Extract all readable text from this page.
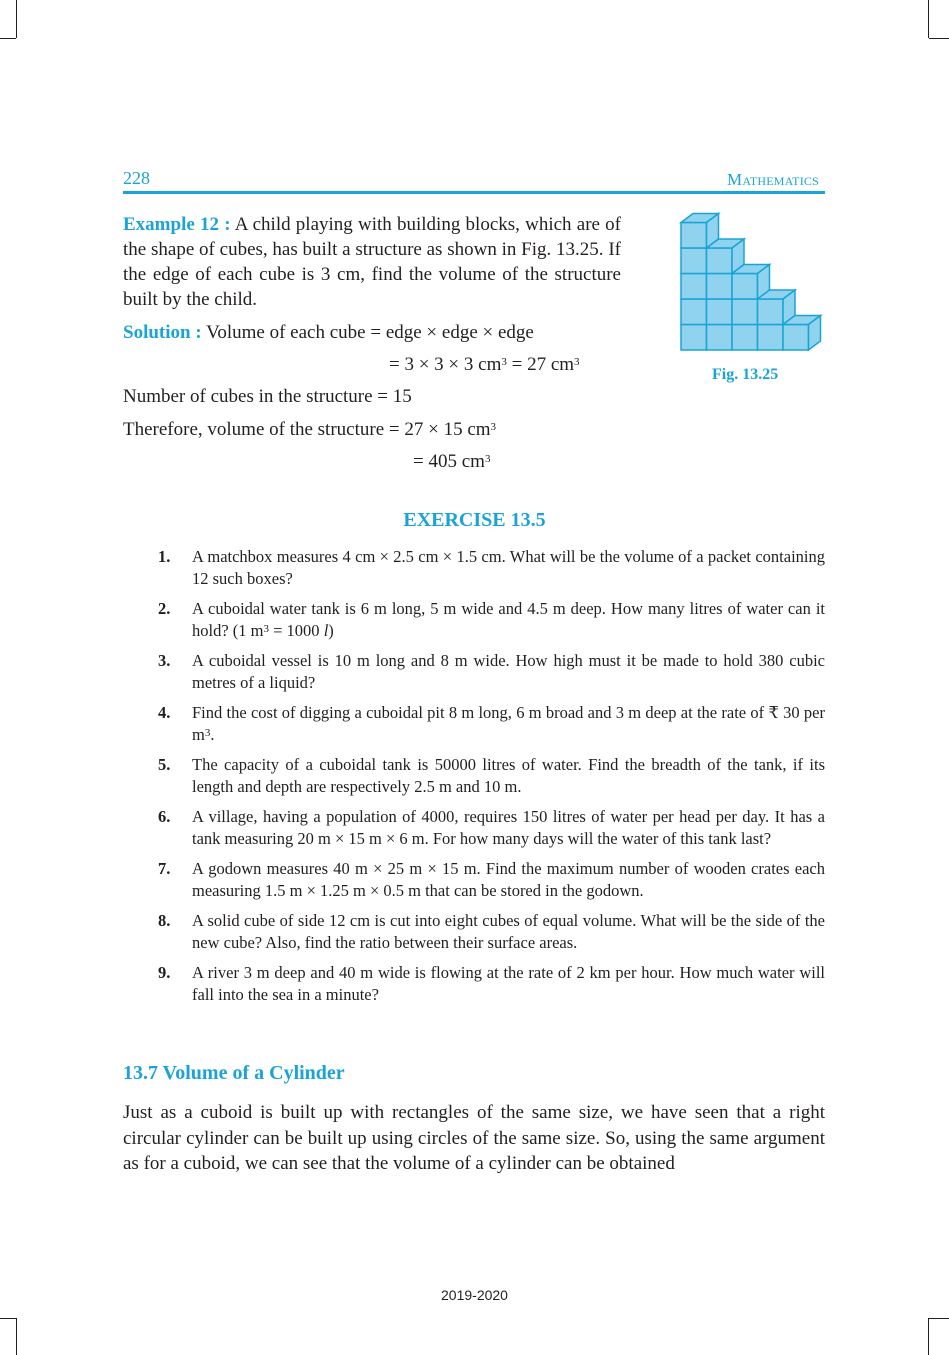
228	Mathematics
Example 12 : A child playing with building blocks, which are of the shape of cubes, has built a structure as shown in Fig. 13.25. If the edge of each cube is 3 cm, find the volume of the structure built by the child.
Solution : Volume of each cube = edge × edge × edge
= 3 × 3 × 3 $cm^3 = 27$ $cm^3$
Number of cubes in the structure = 15
Therefore, volume of the structure = 27 × 15 $cm^3$
= 405 $cm^3$
Fig. 13.25
EXERCISE 13.5
1. A matchbox measures 4 cm × 2.5 cm × 1.5 cm. What will be the volume of a packet containing 12 such boxes?
2. A cuboidal water tank is 6 m long, 5 m wide and 4.5 m deep. How many litres of water can it hold? (1 $m^3 = 1000$ l)
3. A cuboidal vessel is 10 m long and 8 m wide. How high must it be made to hold 380 cubic metres of a liquid?
4. Find the cost of digging a cuboidal pit 8 m long, 6 m broad and 3 m deep at the rate of ₹ 30 per $m^3$.
5. The capacity of a cuboidal tank is 50000 litres of water. Find the breadth of the tank, if its length and depth are respectively 2.5 m and 10 m.
6. A village, having a population of 4000, requires 150 litres of water per head per day. It has a tank measuring 20 m × 15 m × 6 m. For how many days will the water of this tank last?
7. A godown measures 40 m × 25 m × 15 m. Find the maximum number of wooden crates each measuring 1.5 m × 1.25 m × 0.5 m that can be stored in the godown.
8. A solid cube of side 12 cm is cut into eight cubes of equal volume. What will be the side of the new cube? Also, find the ratio between their surface areas.
9. A river 3 m deep and 40 m wide is flowing at the rate of 2 km per hour. How much water will fall into the sea in a minute?
13.7 Volume of a Cylinder
Just as a cuboid is built up with rectangles of the same size, we have seen that a right circular cylinder can be built up using circles of the same size. So, using the same argument as for a cuboid, we can see that the volume of a cylinder can be obtained
2019-2020
